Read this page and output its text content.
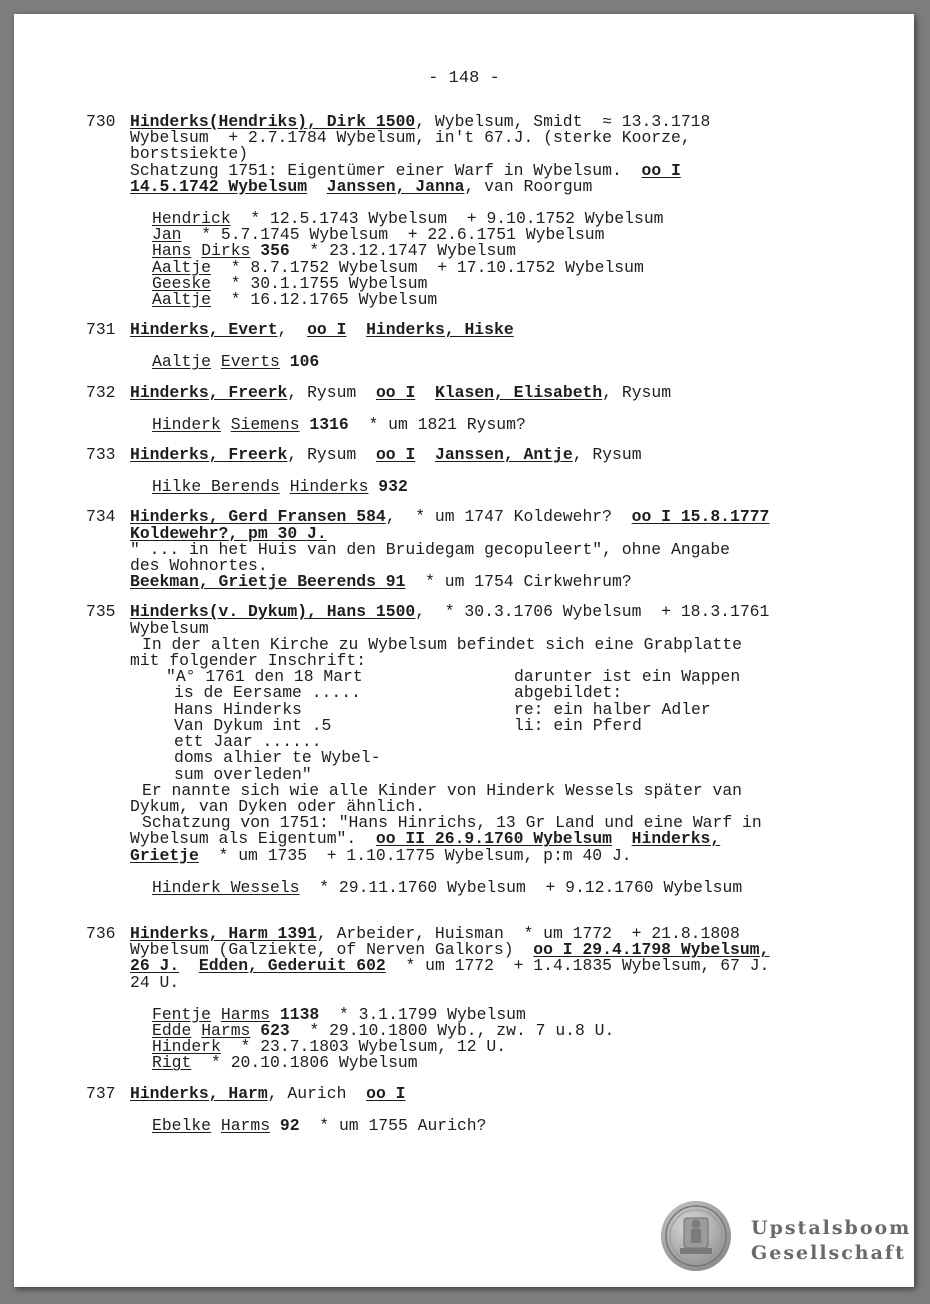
- 148 -
730 Hinderks(Hendriks), Dirk 1500, Wybelsum, Smidt  ≈ 13.3.1718
Wybelsum  + 2.7.1784 Wybelsum, in't 67.J. (sterke Koorze,
borstsiekte)
Schatzung 1751: Eigentümer einer Warf in Wybelsum.  oo I
14.5.1742 Wybelsum Janssen, Janna, van Roorgum
Hendrick  * 12.5.1743 Wybelsum  + 9.10.1752 Wybelsum
Jan  * 5.7.1745 Wybelsum  + 22.6.1751 Wybelsum
Hans Dirks 356  * 23.12.1747 Wybelsum
Aaltje  * 8.7.1752 Wybelsum  + 17.10.1752 Wybelsum
Geeske  * 30.1.1755 Wybelsum
Aaltje  * 16.12.1765 Wybelsum
731 Hinderks, Evert,  oo I Hinderks, Hiske
Aaltje Everts 106
732 Hinderks, Freerk, Rysum oo I Klasen, Elisabeth, Rysum
Hinderk Siemens 1316  * um 1821 Rysum?
733 Hinderks, Freerk, Rysum oo I Janssen, Antje, Rysum
Hilke Berends Hinderks 932
734 Hinderks, Gerd Fransen 584,  * um 1747 Koldewehr?  oo I 15.8.1777
Koldewehr?, pm 30 J.
" ... in het Huis van den Bruidegam gecopuleert", ohne Angabe
des Wohnortes.
Beekman, Grietje Beerends 91  * um 1754 Cirkwehrum?
735 Hinderks(v. Dykum), Hans 1500,  * 30.3.1706 Wybelsum  + 18.3.1761
Wybelsum
In der alten Kirche zu Wybelsum befindet sich eine Grabplatte
mit folgender Inschrift:
"A° 1761 den 18 Mart
is de Eersame .....
Hans Hinderks
Van Dykum int .5
ett Jaar ......
doms alhier te Wybel-
sum overleden"
darunter ist ein Wappen
abgebildet:
re: ein halber Adler
li: ein Pferd
Er nannte sich wie alle Kinder von Hinderk Wessels später van
Dykum, van Dyken oder ähnlich.
Schatzung von 1751: "Hans Hinrichs, 13 Gr Land und eine Warf in
Wybelsum als Eigentum".  oo II 26.9.1760 Wybelsum Hinderks,
Grietje  * um 1735  + 1.10.1775 Wybelsum, p:m 40 J.
Hinderk Wessels  * 29.11.1760 Wybelsum  + 9.12.1760 Wybelsum
736 Hinderks, Harm 1391, Arbeider, Huisman  * um 1772  + 21.8.1808
Wybelsum (Galziekte, of Nerven Galkors)  oo I 29.4.1798 Wybelsum,
26 J. Edden, Gederuit 602  * um 1772  + 1.4.1835 Wybelsum, 67 J.
24 U.
Fentje Harms 1138  * 3.1.1799 Wybelsum
Edde Harms 623  * 29.10.1800 Wyb., zw. 7 u.8 U.
Hinderk  * 23.7.1803 Wybelsum, 12 U.
Rigt  * 20.10.1806 Wybelsum
737 Hinderks, Harm, Aurich oo I
Ebelke Harms 92  * um 1755 Aurich?
Upstalsboom
Gesellschaft
